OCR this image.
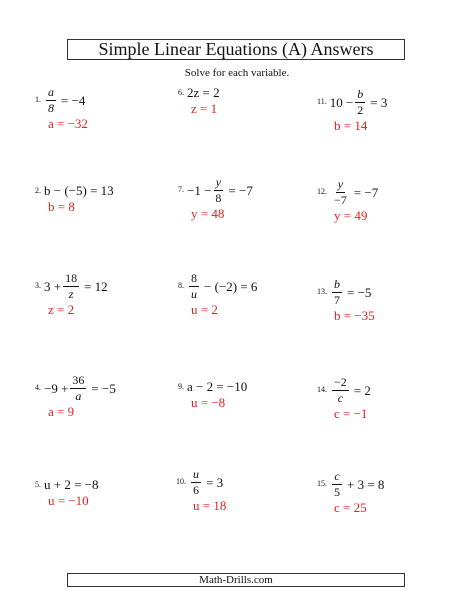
Simple Linear Equations (A) Answers
Solve for each variable.
1. $\frac{a}{8} = -4$
a = −32
2. b − (−5) = 13
b = 8
3. $3 + \frac{18}{z} = 12$
z = 2
4. $-9 + \frac{36}{a} = -5$
a = 9
5. u + 2 = −8
u = −10
6. 2z = 2
z = 1
7. $-1 - \frac{y}{8} = -7$
y = 48
8. $\frac{8}{u} - (-2) = 6$
u = 2
9. a − 2 = −10
u = −8
10. $\frac{u}{6} = 3$
u = 18
11. $10 - \frac{b}{2} = 3$
b = 14
12. $\frac{y}{-7} = -7$
y = 49
13. $\frac{b}{7} = -5$
b = −35
14. $\frac{-2}{c} = 2$
c = −1
15. $\frac{c}{5} + 3 = 8$
c = 25
Math-Drills.com
